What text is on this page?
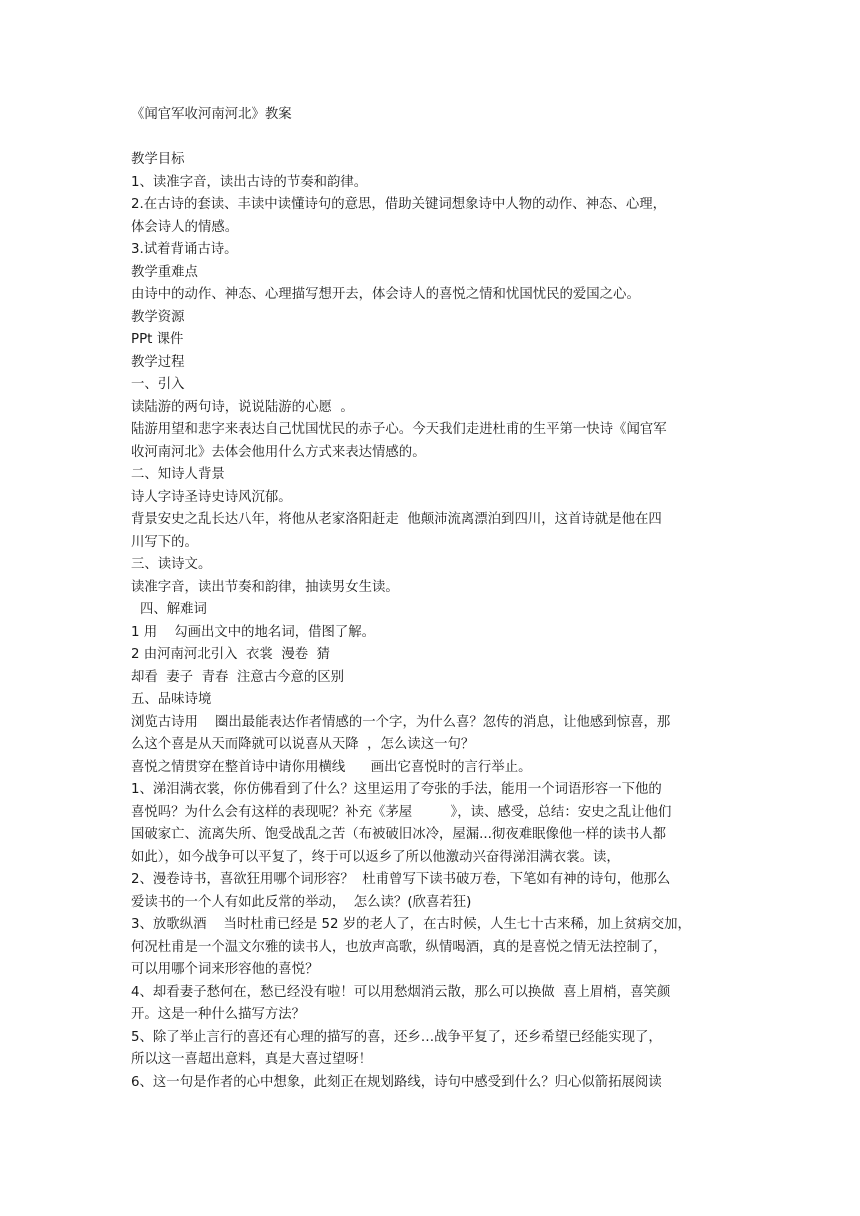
《闻官军收河南河北》教案
教学目标
1、读准字音，读出古诗的节奏和韵律。
2.在古诗的套读、丰读中读懂诗句的意思，借助关键词想象诗中人物的动作、神态、心理，
体会诗人的情感。
3.试着背诵古诗。
教学重难点
由诗中的动作、神态、心理描写想开去，体会诗人的喜悦之情和忧国忧民的爱国之心。
教学资源
PPt 课件
教学过程
一、引入
读陆游的两句诗，说说陆游的心愿  。
陆游用望和悲字来表达自己忧国忧民的赤子心。今天我们走进杜甫的生平第一快诗《闻官军
收河南河北》去体会他用什么方式来表达情感的。
二、知诗人背景
诗人字诗圣诗史诗风沉郁。
背景安史之乱长达八年，将他从老家洛阳赶走  他颠沛流离漂泊到四川，这首诗就是他在四
川写下的。
三、读诗文。
读准字音，读出节奏和韵律，抽读男女生读。
四、解难词
1 用    勾画出文中的地名词，借图了解。
2 由河南河北引入  衣裳  漫卷  猜
却看  妻子  青春  注意古今意的区别
五、品味诗境
浏览古诗用    圈出最能表达作者情感的一个字，为什么喜？忽传的消息，让他感到惊喜，那
么这个喜是从天而降就可以说喜从天降  ，怎么读这一句？
喜悦之情贯穿在整首诗中请你用横线      画出它喜悦时的言行举止。
1、涕泪满衣裳，你仿佛看到了什么？这里运用了夸张的手法，能用一个词语形容一下他的
喜悦吗？为什么会有这样的表现呢？补充《茅屋         》，读、感受，总结：安史之乱让他们
国破家亡、流离失所、饱受战乱之苦（布被破旧冰冷，屋漏...彻夜难眠像他一样的读书人都
如此），如今战争可以平复了，终于可以返乡了所以他激动兴奋得涕泪满衣裳。读，
2、漫卷诗书，喜欲狂用哪个词形容？  杜甫曾写下读书破万卷，下笔如有神的诗句，他那么
爱读书的一个人有如此反常的举动，  怎么读？(欣喜若狂)
3、放歌纵酒    当时杜甫已经是 52 岁的老人了，在古时候，人生七十古来稀，加上贫病交加，
何况杜甫是一个温文尔雅的读书人，也放声高歌，纵情喝酒，真的是喜悦之情无法控制了，
可以用哪个词来形容他的喜悦？
4、却看妻子愁何在，愁已经没有啦！可以用愁烟消云散，那么可以换做  喜上眉梢，喜笑颜
开。这是一种什么描写方法？
5、除了举止言行的喜还有心理的描写的喜，还乡…战争平复了，还乡希望已经能实现了，
所以这一喜超出意料，真是大喜过望呀！
6、这一句是作者的心中想象，此刻正在规划路线，诗句中感受到什么？归心似箭拓展阅读
